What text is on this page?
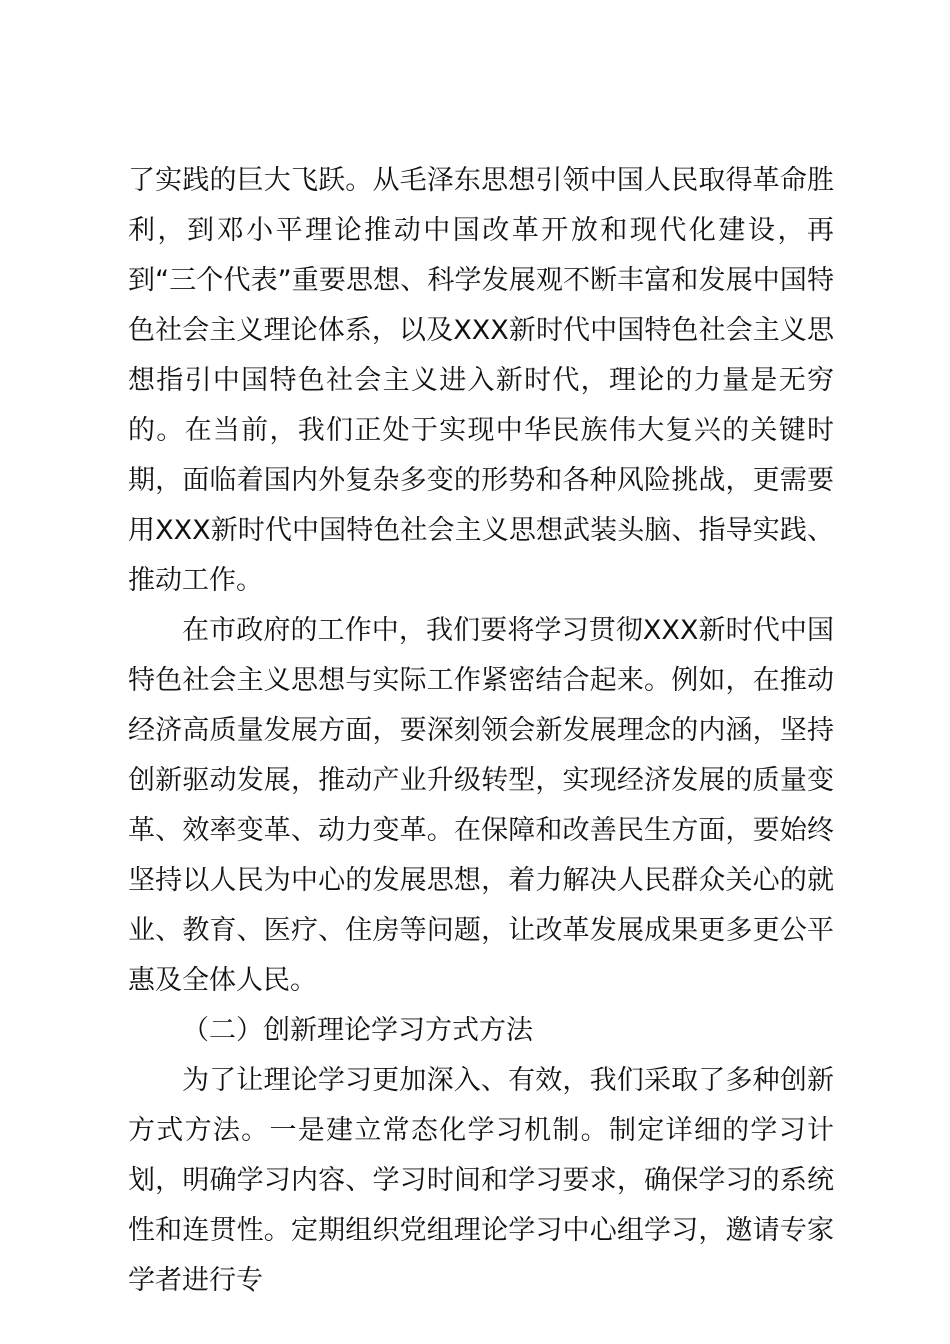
了实践的巨大飞跃。从毛泽东思想引领中国人民取得革命胜利，到邓小平理论推动中国改革开放和现代化建设，再到“三个代表”重要思想、科学发展观不断丰富和发展中国特色社会主义理论体系，以及XXX新时代中国特色社会主义思想指引中国特色社会主义进入新时代，理论的力量是无穷的。在当前，我们正处于实现中华民族伟大复兴的关键时期，面临着国内外复杂多变的形势和各种风险挑战，更需要用XXX新时代中国特色社会主义思想武装头脑、指导实践、推动工作。

在市政府的工作中，我们要将学习贯彻XXX新时代中国特色社会主义思想与实际工作紧密结合起来。例如，在推动经济高质量发展方面，要深刻领会新发展理念的内涵，坚持创新驱动发展，推动产业升级转型，实现经济发展的质量变革、效率变革、动力变革。在保障和改善民生方面，要始终坚持以人民为中心的发展思想，着力解决人民群众关心的就业、教育、医疗、住房等问题，让改革发展成果更多更公平惠及全体人民。

（二）创新理论学习方式方法

为了让理论学习更加深入、有效，我们采取了多种创新方式方法。一是建立常态化学习机制。制定详细的学习计划，明确学习内容、学习时间和学习要求，确保学习的系统性和连贯性。定期组织党组理论学习中心组学习，邀请专家学者进行专
